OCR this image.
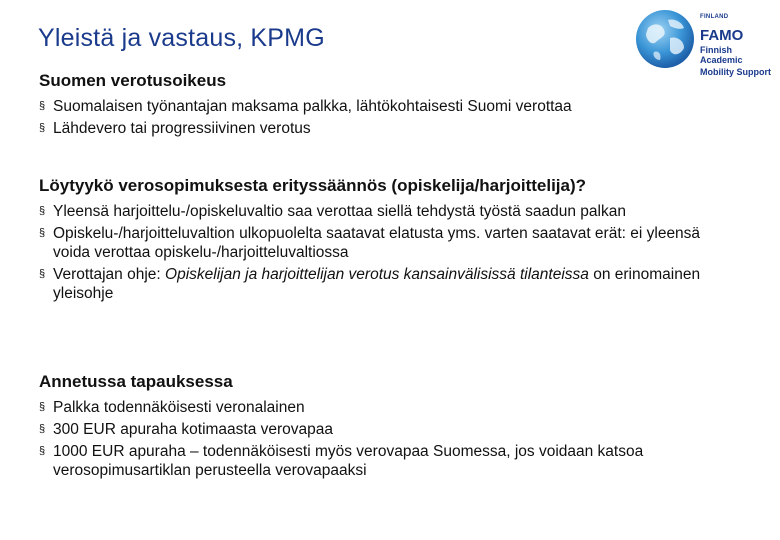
Yleistä ja vastaus, KPMG
FINLAND
FAMO
Finnish Academic
Mobility Support
Suomen verotusoikeus
§ Suomalaisen työnantajan maksama palkka, lähtökohtaisesti Suomi verottaa
§ Lähdevero tai progressiivinen verotus
Löytyykö verosopimuksesta erityssäännös (opiskelija/harjoittelija)?
§ Yleensä harjoittelu-/opiskeluvaltio saa verottaa siellä tehdystä työstä saadun palkan
§ Opiskelu-/harjoitteluvaltion ulkopuolelta saatavat elatusta yms. varten saatavat erät: ei yleensä voida verottaa opiskelu-/harjoitteluvaltiossa
§ Verottajan ohje: Opiskelijan ja harjoittelijan verotus kansainvälisissä tilanteissa on erinomainen yleisohje
Annetussa tapauksessa
§ Palkka todennäköisesti veronalainen
§ 300 EUR apuraha kotimaasta verovapaa
§ 1000 EUR apuraha – todennäköisesti myös verovapaa Suomessa, jos voidaan katsoa verosopimusartiklan perusteella verovapaaksi
